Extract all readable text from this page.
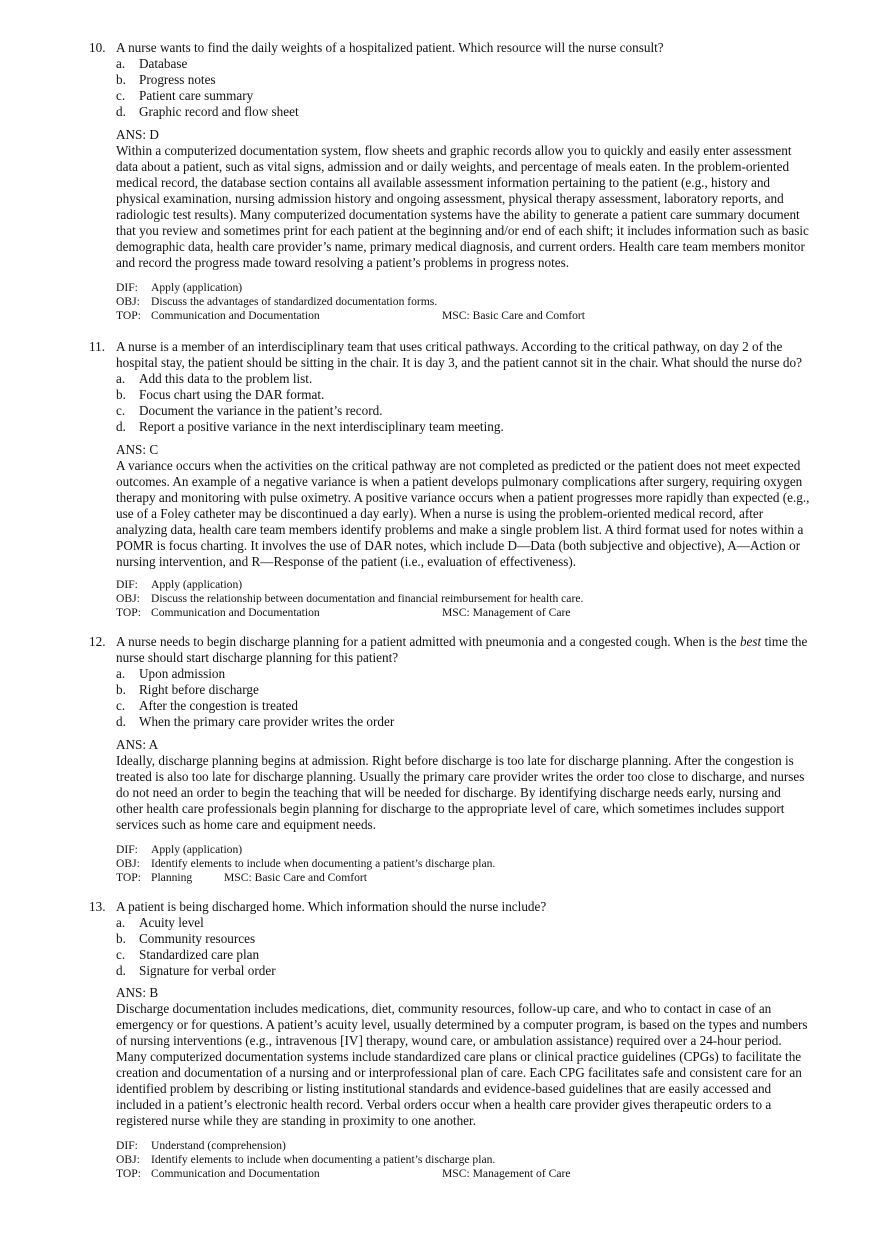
10. A nurse wants to find the daily weights of a hospitalized patient. Which resource will the nurse consult?
a. Database
b. Progress notes
c. Patient care summary
d. Graphic record and flow sheet
ANS: D
Within a computerized documentation system, flow sheets and graphic records allow you to quickly and easily enter assessment
data about a patient, such as vital signs, admission and or daily weights, and percentage of meals eaten. In the problem-oriented
medical record, the database section contains all available assessment information pertaining to the patient (e.g., history and
physical examination, nursing admission history and ongoing assessment, physical therapy assessment, laboratory reports, and
radiologic test results). Many computerized documentation systems have the ability to generate a patient care summary document
that you review and sometimes print for each patient at the beginning and/or end of each shift; it includes information such as basic
demographic data, health care provider’s name, primary medical diagnosis, and current orders. Health care team members monitor
and record the progress made toward resolving a patient’s problems in progress notes.
DIF: Apply (application)
OBJ: Discuss the advantages of standardized documentation forms.
TOP: Communication and Documentation	MSC: Basic Care and Comfort
11. A nurse is a member of an interdisciplinary team that uses critical pathways. According to the critical pathway, on day 2 of the
hospital stay, the patient should be sitting in the chair. It is day 3, and the patient cannot sit in the chair. What should the nurse do?
a. Add this data to the problem list.
b. Focus chart using the DAR format.
c. Document the variance in the patient’s record.
d. Report a positive variance in the next interdisciplinary team meeting.
ANS: C
A variance occurs when the activities on the critical pathway are not completed as predicted or the patient does not meet expected
outcomes. An example of a negative variance is when a patient develops pulmonary complications after surgery, requiring oxygen
therapy and monitoring with pulse oximetry. A positive variance occurs when a patient progresses more rapidly than expected (e.g.,
use of a Foley catheter may be discontinued a day early). When a nurse is using the problem-oriented medical record, after
analyzing data, health care team members identify problems and make a single problem list. A third format used for notes within a
POMR is focus charting. It involves the use of DAR notes, which include D—Data (both subjective and objective), A—Action or
nursing intervention, and R—Response of the patient (i.e., evaluation of effectiveness).
DIF: Apply (application)
OBJ: Discuss the relationship between documentation and financial reimbursement for health care.
TOP: Communication and Documentation	MSC: Management of Care
12. A nurse needs to begin discharge planning for a patient admitted with pneumonia and a congested cough. When is the best time the
nurse should start discharge planning for this patient?
a. Upon admission
b. Right before discharge
c. After the congestion is treated
d. When the primary care provider writes the order
ANS: A
Ideally, discharge planning begins at admission. Right before discharge is too late for discharge planning. After the congestion is
treated is also too late for discharge planning. Usually the primary care provider writes the order too close to discharge, and nurses
do not need an order to begin the teaching that will be needed for discharge. By identifying discharge needs early, nursing and
other health care professionals begin planning for discharge to the appropriate level of care, which sometimes includes support
services such as home care and equipment needs.
DIF: Apply (application)
OBJ: Identify elements to include when documenting a patient’s discharge plan.
TOP: Planning	MSC: Basic Care and Comfort
13. A patient is being discharged home. Which information should the nurse include?
a. Acuity level
b. Community resources
c. Standardized care plan
d. Signature for verbal order
ANS: B
Discharge documentation includes medications, diet, community resources, follow-up care, and who to contact in case of an
emergency or for questions. A patient’s acuity level, usually determined by a computer program, is based on the types and numbers
of nursing interventions (e.g., intravenous [IV] therapy, wound care, or ambulation assistance) required over a 24-hour period.
Many computerized documentation systems include standardized care plans or clinical practice guidelines (CPGs) to facilitate the
creation and documentation of a nursing and or interprofessional plan of care. Each CPG facilitates safe and consistent care for an
identified problem by describing or listing institutional standards and evidence-based guidelines that are easily accessed and
included in a patient’s electronic health record. Verbal orders occur when a health care provider gives therapeutic orders to a
registered nurse while they are standing in proximity to one another.
DIF: Understand (comprehension)
OBJ: Identify elements to include when documenting a patient’s discharge plan.
TOP: Communication and Documentation	MSC: Management of Care
